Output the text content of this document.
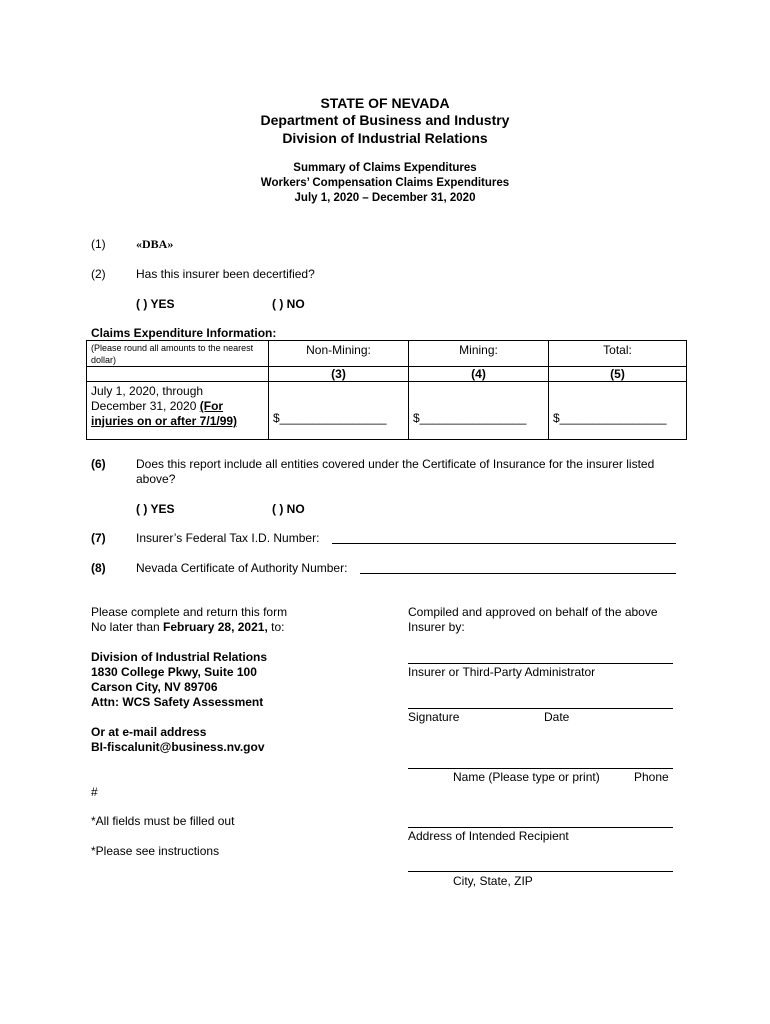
STATE OF NEVADA
Department of Business and Industry
Division of Industrial Relations
Summary of Claims Expenditures
Workers’ Compensation Claims Expenditures
July 1, 2020 – December 31, 2020
(1)	«DBA»
(2)	Has this insurer been decertified?
( ) YES	( ) NO
Claims Expenditure Information:
(Please round all amounts to the nearest dollar)	Non-Mining:	Mining:	Total:

	(3)	(4)	(5)

July 1, 2020, through
December 31, 2020 (For
injuries on or after 7/1/99)	$________________	$________________	$________________
(6)	Does this report include all entities covered under the Certificate of Insurance for the insurer listed
above?
( ) YES	( ) NO
(7)	Insurer’s Federal Tax I.D. Number:
(8)	Nevada Certificate of Authority Number:
Please complete and return this form
No later than February 28, 2021, to:
Division of Industrial Relations
1830 College Pkwy, Suite 100
Carson City, NV 89706
Attn: WCS Safety Assessment
Or at e-mail address
BI-fiscalunit@business.nv.gov
#
*All fields must be filled out
*Please see instructions
Compiled and approved on behalf of the above
Insurer by:
Insurer or Third-Party Administrator
Signature	Date
Name (Please type or print)	Phone
Address of Intended Recipient
City, State, ZIP
